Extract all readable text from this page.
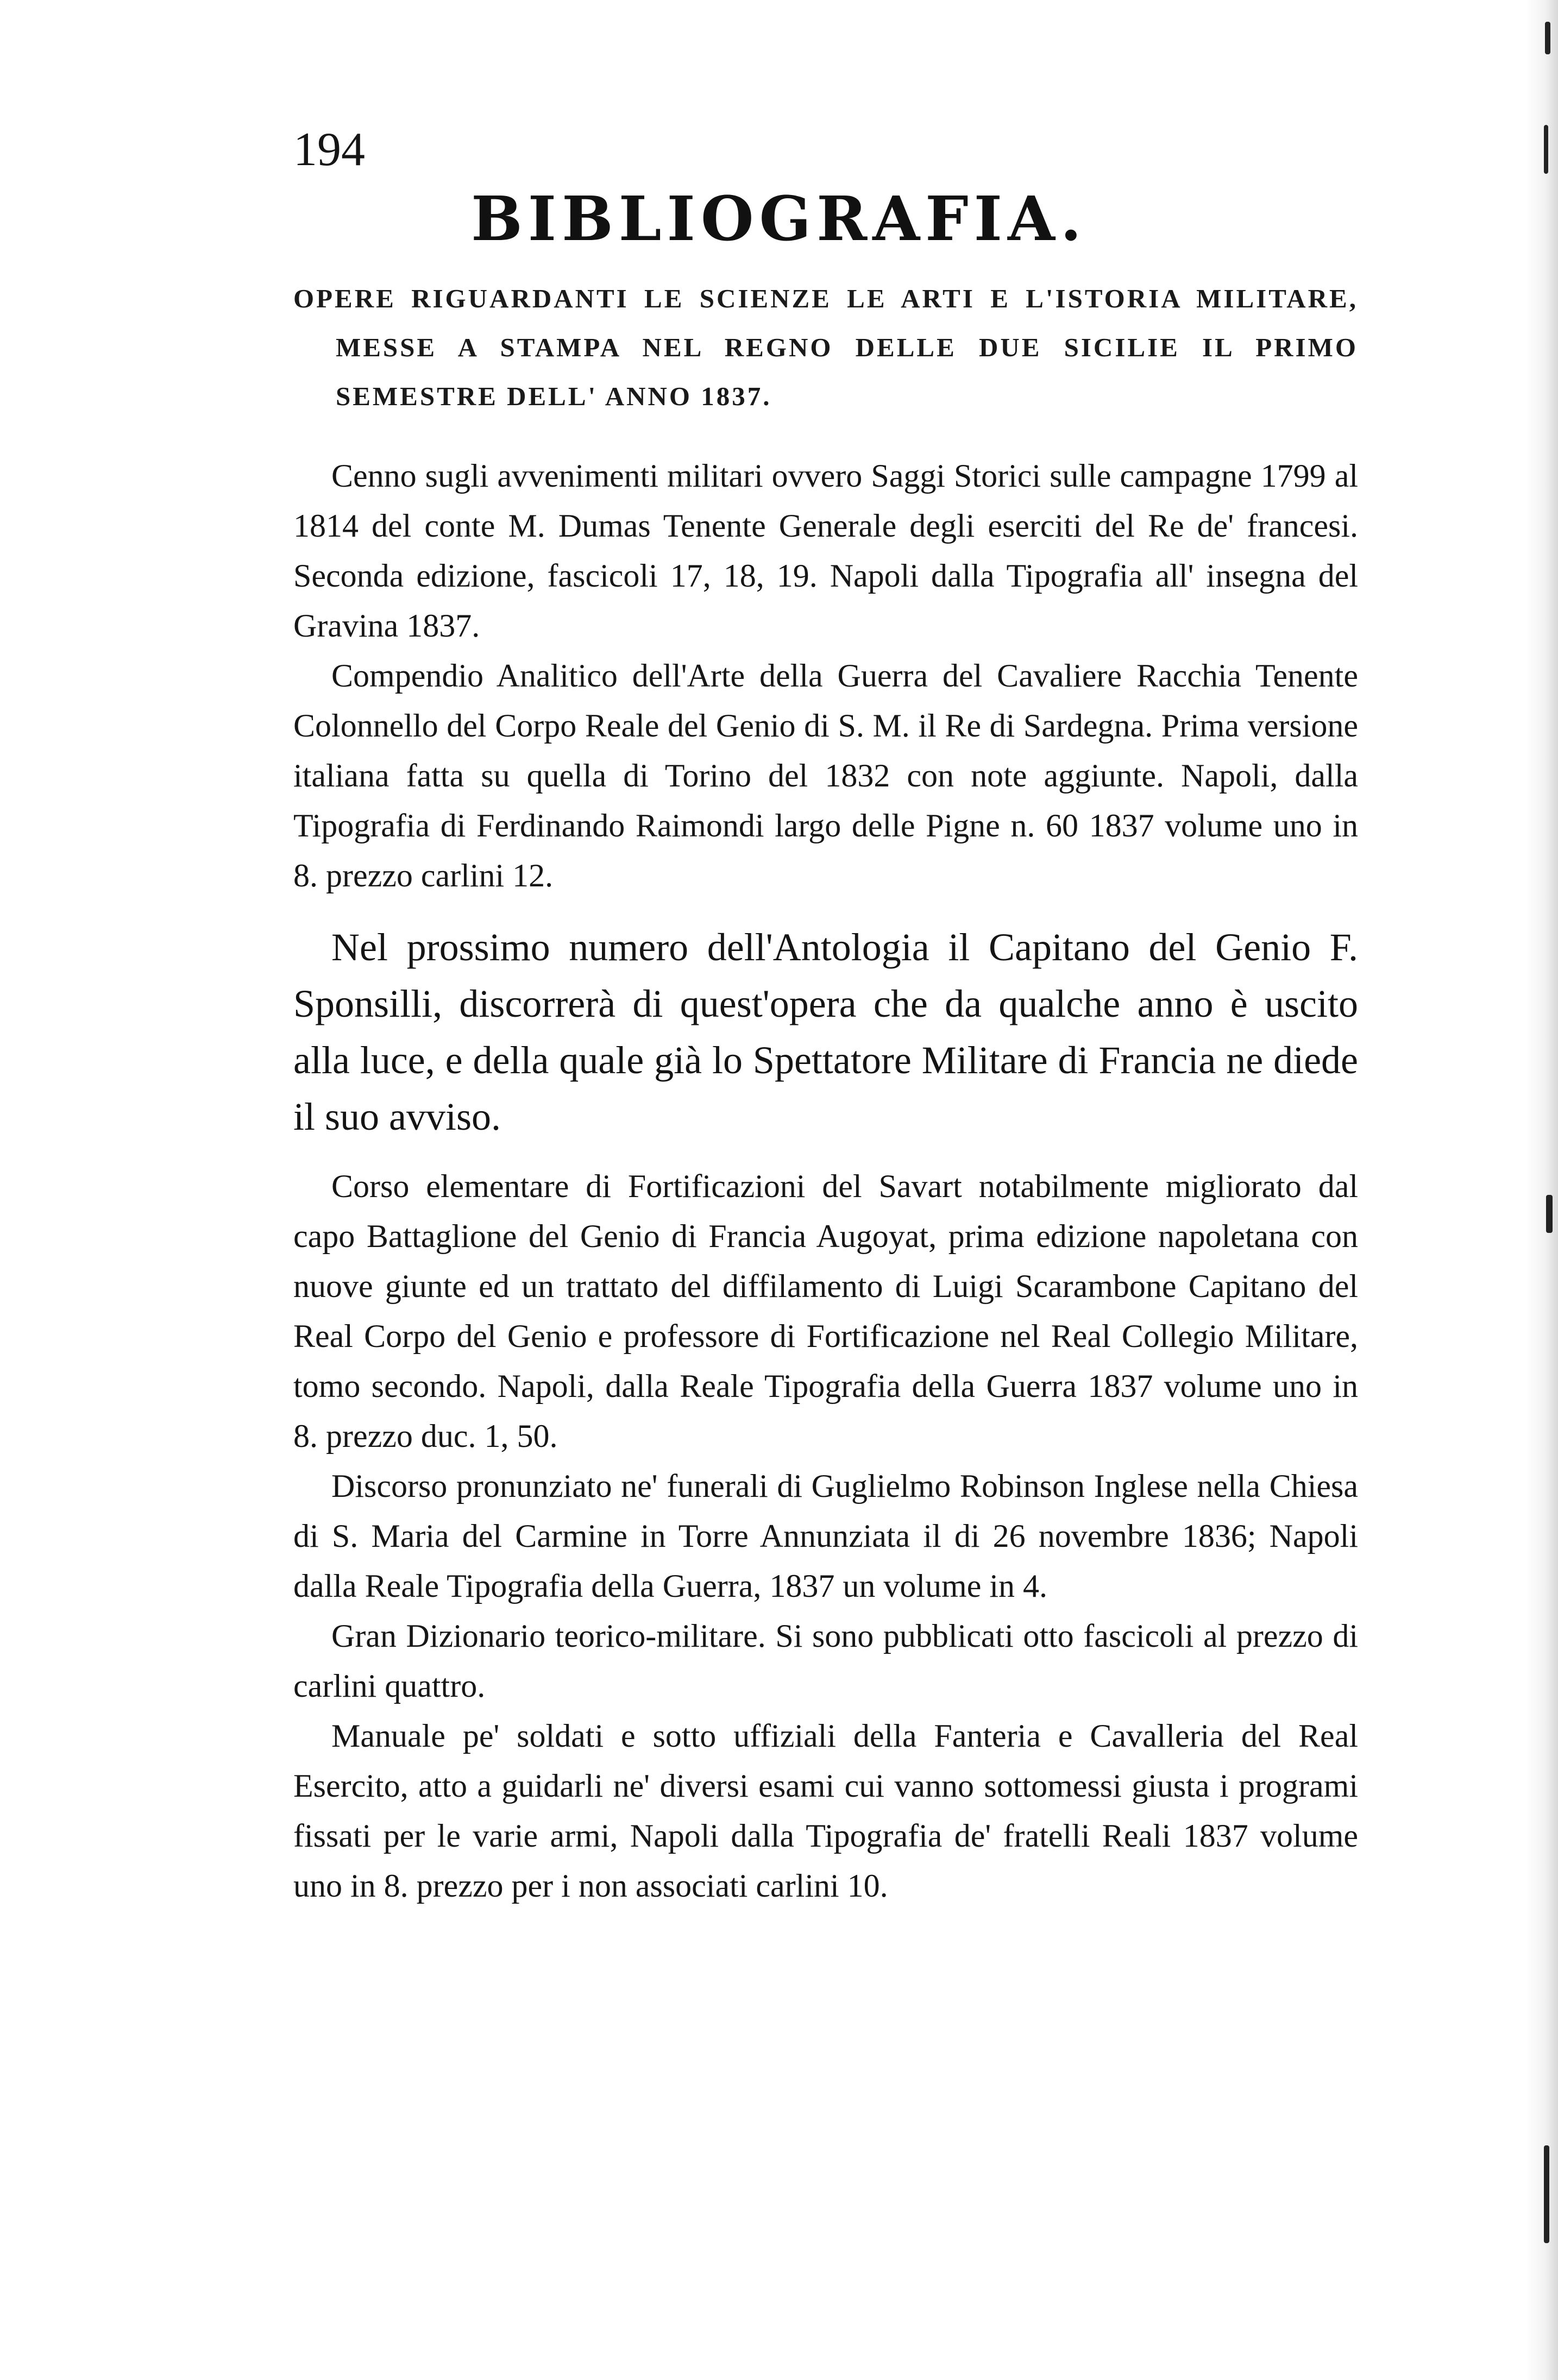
194
BIBLIOGRAFIA.
OPERE RIGUARDANTI LE SCIENZE LE ARTI E L'ISTORIA MILITARE, MESSE A STAMPA NEL REGNO DELLE DUE SICILIE IL PRIMO SEMESTRE DELL' ANNO 1837.

Cenno sugli avvenimenti militari ovvero Saggi Storici sulle campagne 1799 al 1814 del conte M. Dumas Tenente Generale degli eserciti del Re de' francesi. Seconda edizione, fascicoli 17, 18, 19. Napoli dalla Tipografia all' insegna del Gravina 1837.

Compendio Analitico dell'Arte della Guerra del Cavaliere Racchia Tenente Colonnello del Corpo Reale del Genio di S. M. il Re di Sardegna. Prima versione italiana fatta su quella di Torino del 1832 con note aggiunte. Napoli, dalla Tipografia di Ferdinando Raimondi largo delle Pigne n. 60 1837 volume uno in 8. prezzo carlini 12.

Nel prossimo numero dell'Antologia il Capitano del Genio F. Sponsilli, discorrerà di quest'opera che da qualche anno è uscito alla luce, e della quale già lo Spettatore Militare di Francia ne diede il suo avviso.

Corso elementare di Fortificazioni del Savart notabilmente migliorato dal capo Battaglione del Genio di Francia Augoyat, prima edizione napoletana con nuove giunte ed un trattato del diffilamento di Luigi Scarambone Capitano del Real Corpo del Genio e professore di Fortificazione nel Real Collegio Militare, tomo secondo. Napoli, dalla Reale Tipografia della Guerra 1837 volume uno in 8. prezzo duc. 1, 50.

Discorso pronunziato ne' funerali di Guglielmo Robinson Inglese nella Chiesa di S. Maria del Carmine in Torre Annunziata il di 26 novembre 1836; Napoli dalla Reale Tipografia della Guerra, 1837 un volume in 4.

Gran Dizionario teorico-militare. Si sono pubblicati otto fascicoli al prezzo di carlini quattro.

Manuale pe' soldati e sotto uffiziali della Fanteria e Cavalleria del Real Esercito, atto a guidarli ne' diversi esami cui vanno sottomessi giusta i programi fissati per le varie armi, Napoli dalla Tipografia de' fratelli Reali 1837 volume uno in 8. prezzo per i non associati carlini 10.
